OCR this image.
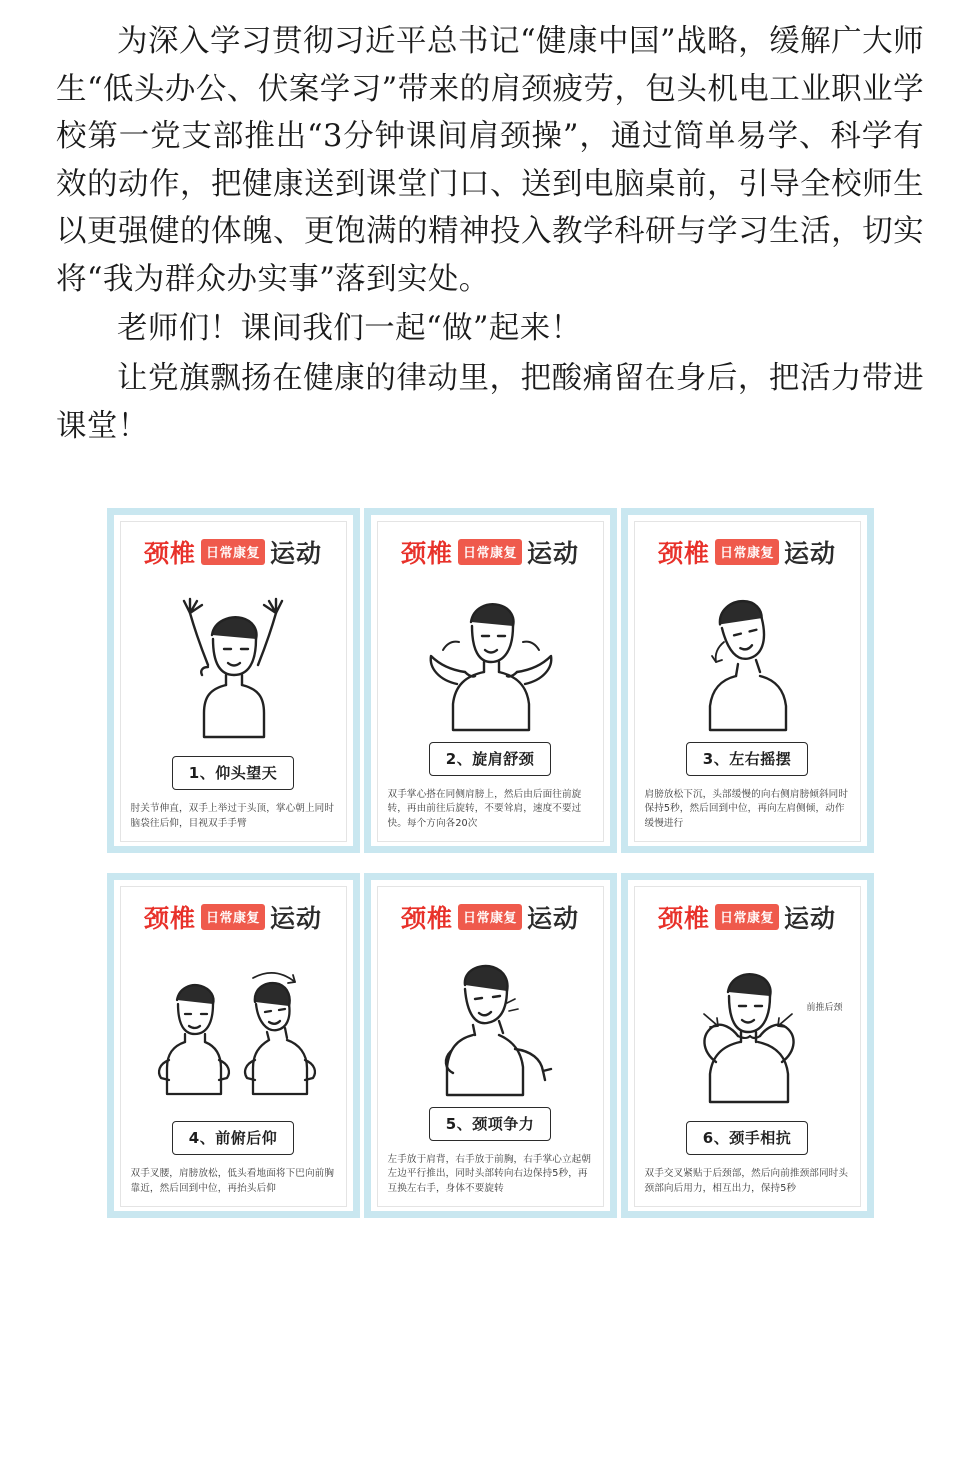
为深入学习贯彻习近平总书记“健康中国”战略，缓解广大师生“低头办公、伏案学习”带来的肩颈疲劳，包头机电工业职业学校第一党支部推出“3分钟课间肩颈操”，通过简单易学、科学有效的动作，把健康送到课堂门口、送到电脑桌前，引导全校师生以更强健的体魄、更饱满的精神投入教学科研与学习生活，切实将“我为群众办实事”落到实处。

老师们！课间我们一起“做”起来！

让党旗飘扬在健康的律动里，把酸痛留在身后，把活力带进课堂！

颈椎 日常康复 运动
1、仰头望天
肘关节伸直，双手上举过于头顶，掌心朝上同时脑袋往后仰，目视双手手臂
颈椎 日常康复 运动
2、旋肩舒颈
双手掌心搭在同侧肩膀上，然后由后面往前旋转，再由前往后旋转，不要耸肩，速度不要过快。每个方向各20次
颈椎 日常康复 运动
3、左右摇摆
肩膀放松下沉，头部缓慢的向右侧肩膀倾斜同时保持5秒，然后回到中位，再向左肩侧倾，动作缓慢进行
颈椎 日常康复 运动
4、前俯后仰
双手叉腰，肩膀放松，低头看地面将下巴向前胸靠近，然后回到中位，再抬头后仰
颈椎 日常康复 运动
5、颈项争力
左手放于肩背，右手放于前胸，右手掌心立起朝左边平行推出，同时头部转向右边保持5秒，再互换左右手，身体不要旋转
颈椎 日常康复 运动
前推后颈
6、颈手相抗
双手交叉紧贴于后颈部，然后向前推颈部同时头颈部向后用力，相互出力，保持5秒
